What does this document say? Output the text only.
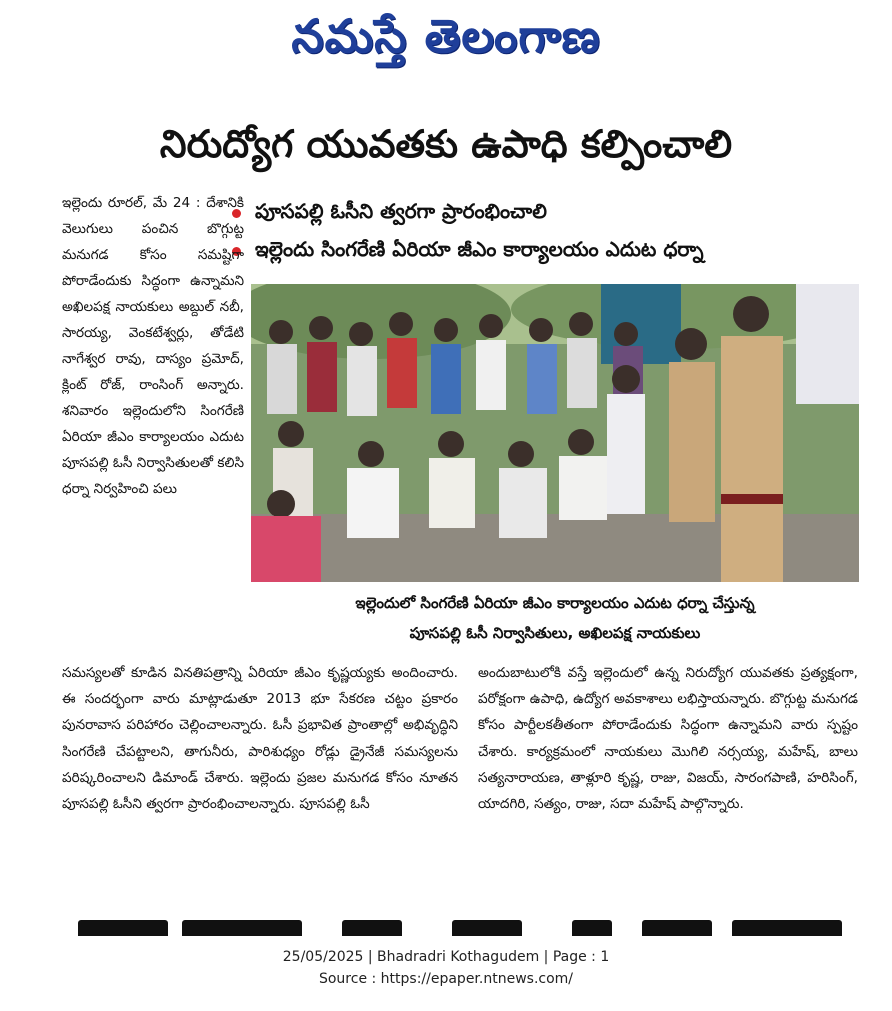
నమస్తే తెలంగాణ
నిరుద్యోగ యువతకు ఉపాధి కల్పించాలి
పూసపల్లి ఓసీని త్వరగా ప్రారంభించాలి
ఇల్లెందు సింగరేణి ఏరియా జీఎం కార్యాలయం ఎదుట ధర్నా
ఇల్లెందు రూరల్, మే 24 : దేశానికి వెలుగులు పంచిన బొగ్గుట్ట మనుగడ కోసం సమష్టిగా పోరాడేందుకు సిద్ధంగా ఉన్నామని అఖిలపక్ష నాయకులు అబ్దుల్ నబీ, సారయ్య, వెంకటేశ్వర్లు, తోడేటి నాగేశ్వర రావు, దాస్యం ప్రమోద్, క్లింట్ రోజ్, రాంసింగ్ అన్నారు. శనివారం ఇల్లెందులోని సింగరేణి ఏరియా జీఎం కార్యాలయం ఎదుట పూసపల్లి ఓసీ నిర్వాసితులతో కలిసి ధర్నా నిర్వహించి పలు
ఇల్లెందులో సింగరేణి ఏరియా జీఎం కార్యాలయం ఎదుట ధర్నా చేస్తున్న
పూసపల్లి ఓసీ నిర్వాసితులు, అఖిలపక్ష నాయకులు
సమస్యలతో కూడిన వినతిపత్రాన్ని ఏరియా జీఎం కృష్ణయ్యకు అందించారు. ఈ సందర్భంగా వారు మాట్లాడుతూ 2013 భూ సేకరణ చట్టం ప్రకారం పునరావాస పరిహారం చెల్లించాలన్నారు. ఓసీ ప్రభావిత ప్రాంతాల్లో అభివృద్ధిని సింగరేణి చేపట్టాలని, తాగునీరు, పారిశుధ్యం రోడ్లు డ్రైనేజీ సమస్యలను పరిష్కరించాలని డిమాండ్ చేశారు. ఇల్లెందు ప్రజల మనుగడ కోసం నూతన పూసపల్లి ఓసీని త్వరగా ప్రారంభించాలన్నారు. పూసపల్లి ఓసీ
అందుబాటులోకి వస్తే ఇల్లెందులో ఉన్న నిరుద్యోగ యువతకు ప్రత్యక్షంగా, పరోక్షంగా ఉపాధి, ఉద్యోగ అవకాశాలు లభిస్తాయన్నారు. బొగ్గుట్ట మనుగడ కోసం పార్టీలకతీతంగా పోరాడేందుకు సిద్ధంగా ఉన్నామని వారు స్పష్టం చేశారు. కార్యక్రమంలో నాయకులు మొగిలి నర్సయ్య, మహేష్, బాలు సత్యనారాయణ, తాళ్లూరి కృష్ణ, రాజు, విజయ్, సారంగపాణి, హరిసింగ్, యాదగిరి, సత్యం, రాజు, సదా మహేష్ పాల్గొన్నారు.
25/05/2025 | Bhadradri Kothagudem | Page : 1
Source : https://epaper.ntnews.com/
